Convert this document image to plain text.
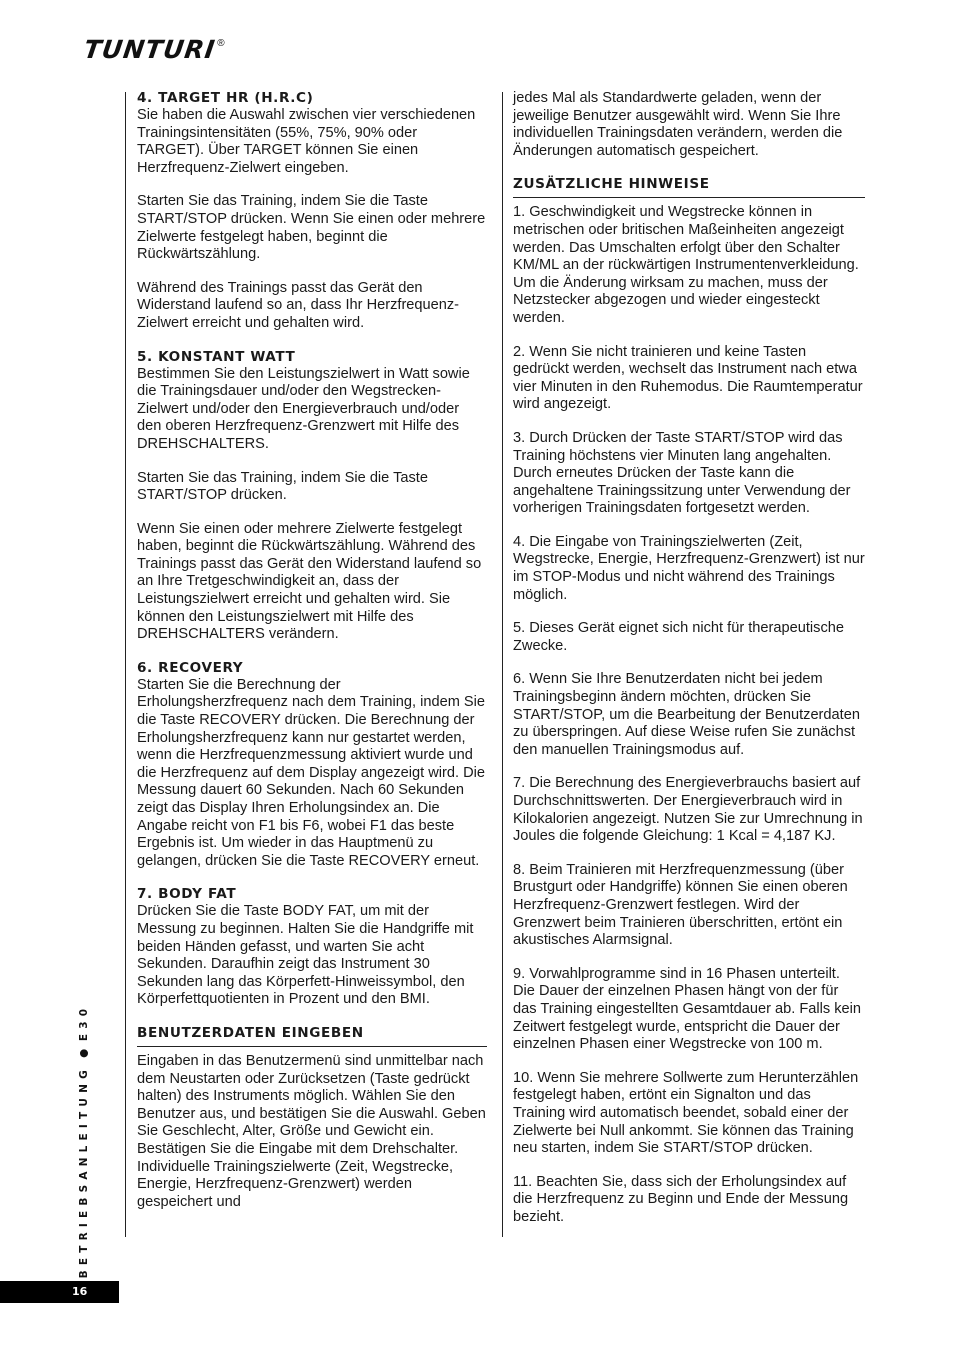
TUNTURI ®
4. TARGET HR (H.R.C)

Sie haben die Auswahl zwischen vier verschiedenen Trainingsintensitäten (55%, 75%, 90% oder TARGET). Über TARGET können Sie einen Herzfrequenz-Zielwert eingeben.

Starten Sie das Training, indem Sie die Taste START/STOP drücken. Wenn Sie einen oder mehrere Zielwerte festgelegt haben, beginnt die Rückwärtszählung.

Während des Trainings passt das Gerät den Widerstand laufend so an, dass Ihr Herzfrequenz-Zielwert erreicht und gehalten wird.

5. KONSTANT WATT

Bestimmen Sie den Leistungszielwert in Watt sowie die Trainingsdauer und/oder den Wegstrecken-Zielwert und/oder den Energieverbrauch und/oder den oberen Herzfrequenz-Grenzwert mit Hilfe des DREHSCHALTERS.

Starten Sie das Training, indem Sie die Taste START/STOP drücken.

Wenn Sie einen oder mehrere Zielwerte festgelegt haben, beginnt die Rückwärtszählung. Während des Trainings passt das Gerät den Widerstand laufend so an Ihre Tretgeschwindigkeit an, dass der Leistungszielwert erreicht und gehalten wird. Sie können den Leistungszielwert mit Hilfe des DREHSCHALTERS verändern.

6. RECOVERY

Starten Sie die Berechnung der Erholungsherzfrequenz nach dem Training, indem Sie die Taste RECOVERY drücken. Die Berechnung der Erholungsherzfrequenz kann nur gestartet werden, wenn die Herzfrequenzmessung aktiviert wurde und die Herzfrequenz auf dem Display angezeigt wird. Die Messung dauert 60 Sekunden. Nach 60 Sekunden zeigt das Display Ihren Erholungsindex an. Die Angabe reicht von F1 bis F6, wobei F1 das beste Ergebnis ist. Um wieder in das Hauptmenü zu gelangen, drücken Sie die Taste RECOVERY erneut.

7. BODY FAT

Drücken Sie die Taste BODY FAT, um mit der Messung zu beginnen. Halten Sie die Handgriffe mit beiden Händen gefasst, und warten Sie acht Sekunden. Daraufhin zeigt das Instrument 30 Sekunden lang das Körperfett-Hinweissymbol, den Körperfettquotienten in Prozent und den BMI.

BENUTZERDATEN EINGEBEN

Eingaben in das Benutzermenü sind unmittelbar nach dem Neustarten oder Zurücksetzen (Taste gedrückt halten) des Instruments möglich. Wählen Sie den Benutzer aus, und bestätigen Sie die Auswahl. Geben Sie Geschlecht, Alter, Größe und Gewicht ein. Bestätigen Sie die Eingabe mit dem Drehschalter. Individuelle Trainingszielwerte (Zeit, Wegstrecke, Energie, Herzfrequenz-Grenzwert) werden gespeichert und

jedes Mal als Standardwerte geladen, wenn der jeweilige Benutzer ausgewählt wird. Wenn Sie Ihre individuellen Trainingsdaten verändern, werden die Änderungen automatisch gespeichert.

ZUSÄTZLICHE HINWEISE

1. Geschwindigkeit und Wegstrecke können in metrischen oder britischen Maßeinheiten angezeigt werden. Das Umschalten erfolgt über den Schalter KM/ML an der rückwärtigen Instrumentenverkleidung. Um die Änderung wirksam zu machen, muss der Netzstecker abgezogen und wieder eingesteckt werden.

2. Wenn Sie nicht trainieren und keine Tasten gedrückt werden, wechselt das Instrument nach etwa vier Minuten in den Ruhemodus. Die Raumtemperatur wird angezeigt.

3. Durch Drücken der Taste START/STOP wird das Training höchstens vier Minuten lang angehalten. Durch erneutes Drücken der Taste kann die angehaltene Trainingssitzung unter Verwendung der vorherigen Trainingsdaten fortgesetzt werden.

4. Die Eingabe von Trainingszielwerten (Zeit, Wegstrecke, Energie, Herzfrequenz-Grenzwert) ist nur im STOP-Modus und nicht während des Trainings möglich.

5. Dieses Gerät eignet sich nicht für therapeutische Zwecke.

6. Wenn Sie Ihre Benutzerdaten nicht bei jedem Trainingsbeginn ändern möchten, drücken Sie START/STOP, um die Bearbeitung der Benutzerdaten zu überspringen. Auf diese Weise rufen Sie zunächst den manuellen Trainingsmodus auf.

7. Die Berechnung des Energieverbrauchs basiert auf Durchschnittswerten. Der Energieverbrauch wird in Kilokalorien angezeigt. Nutzen Sie zur Umrechnung in Joules die folgende Gleichung: 1 Kcal = 4,187 KJ.

8. Beim Trainieren mit Herzfrequenzmessung (über Brustgurt oder Handgriffe) können Sie einen oberen Herzfrequenz-Grenzwert festlegen. Wird der Grenzwert beim Trainieren überschritten, ertönt ein akustisches Alarmsignal.

9. Vorwahlprogramme sind in 16 Phasen unterteilt. Die Dauer der einzelnen Phasen hängt von der für das Training eingestellten Gesamtdauer ab. Falls kein Zeitwert festgelegt wurde, entspricht die Dauer der einzelnen Phasen einer Wegstrecke von 100 m.

10. Wenn Sie mehrere Sollwerte zum Herunterzählen festgelegt haben, ertönt ein Signalton und das Training wird automatisch beendet, sobald einer der Zielwerte bei Null ankommt. Sie können das Training neu starten, indem Sie START/STOP drücken.

11. Beachten Sie, dass sich der Erholungsindex auf die Herzfrequenz zu Beginn und Ende der Messung bezieht.

BETRIEBSANLEITUNGE30
16
